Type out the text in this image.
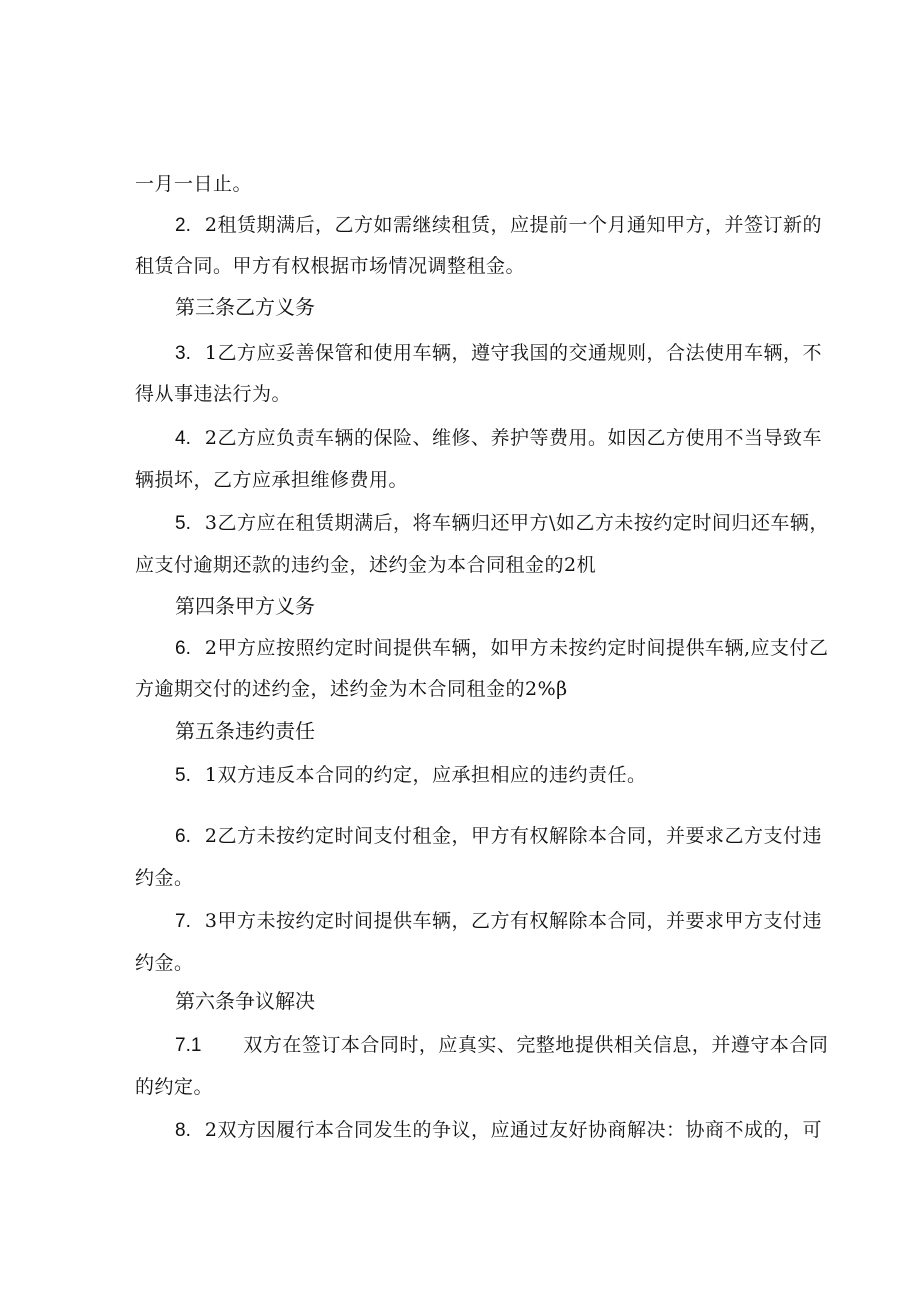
一月一日止。
2. 2租赁期满后，乙方如需继续租赁，应提前一个月通知甲方，并签订新的
租赁合同。甲方有权根据市场情况调整租金。
第三条乙方义务
3. 1乙方应妥善保管和使用车辆，遵守我国的交通规则，合法使用车辆，不
得从事违法行为。
4. 2乙方应负责车辆的保险、维修、养护等费用。如因乙方使用不当导致车
辆损坏，乙方应承担维修费用。
5. 3乙方应在租赁期满后，将车辆归还甲方\如乙方未按约定时间归还车辆，
应支付逾期还款的违约金，述约金为本合同租金的2机
第四条甲方义务
6. 2甲方应按照约定时间提供车辆，如甲方未按约定时间提供车辆,应支付乙
方逾期交付的述约金，述约金为木合同租金的2%β
第五条违约责任
5. 1双方违反本合同的约定，应承担相应的违约责任。
6. 2乙方未按约定时间支付租金，甲方有权解除本合同，并要求乙方支付违
约金。
7. 3甲方未按约定时间提供车辆，乙方有权解除本合同，并要求甲方支付违
约金。
第六条争议解决
7.1 双方在签订本合同时，应真实、完整地提供相关信息，并遵守本合同
的约定。
8. 2双方因履行本合同发生的争议，应通过友好协商解决：协商不成的，可
